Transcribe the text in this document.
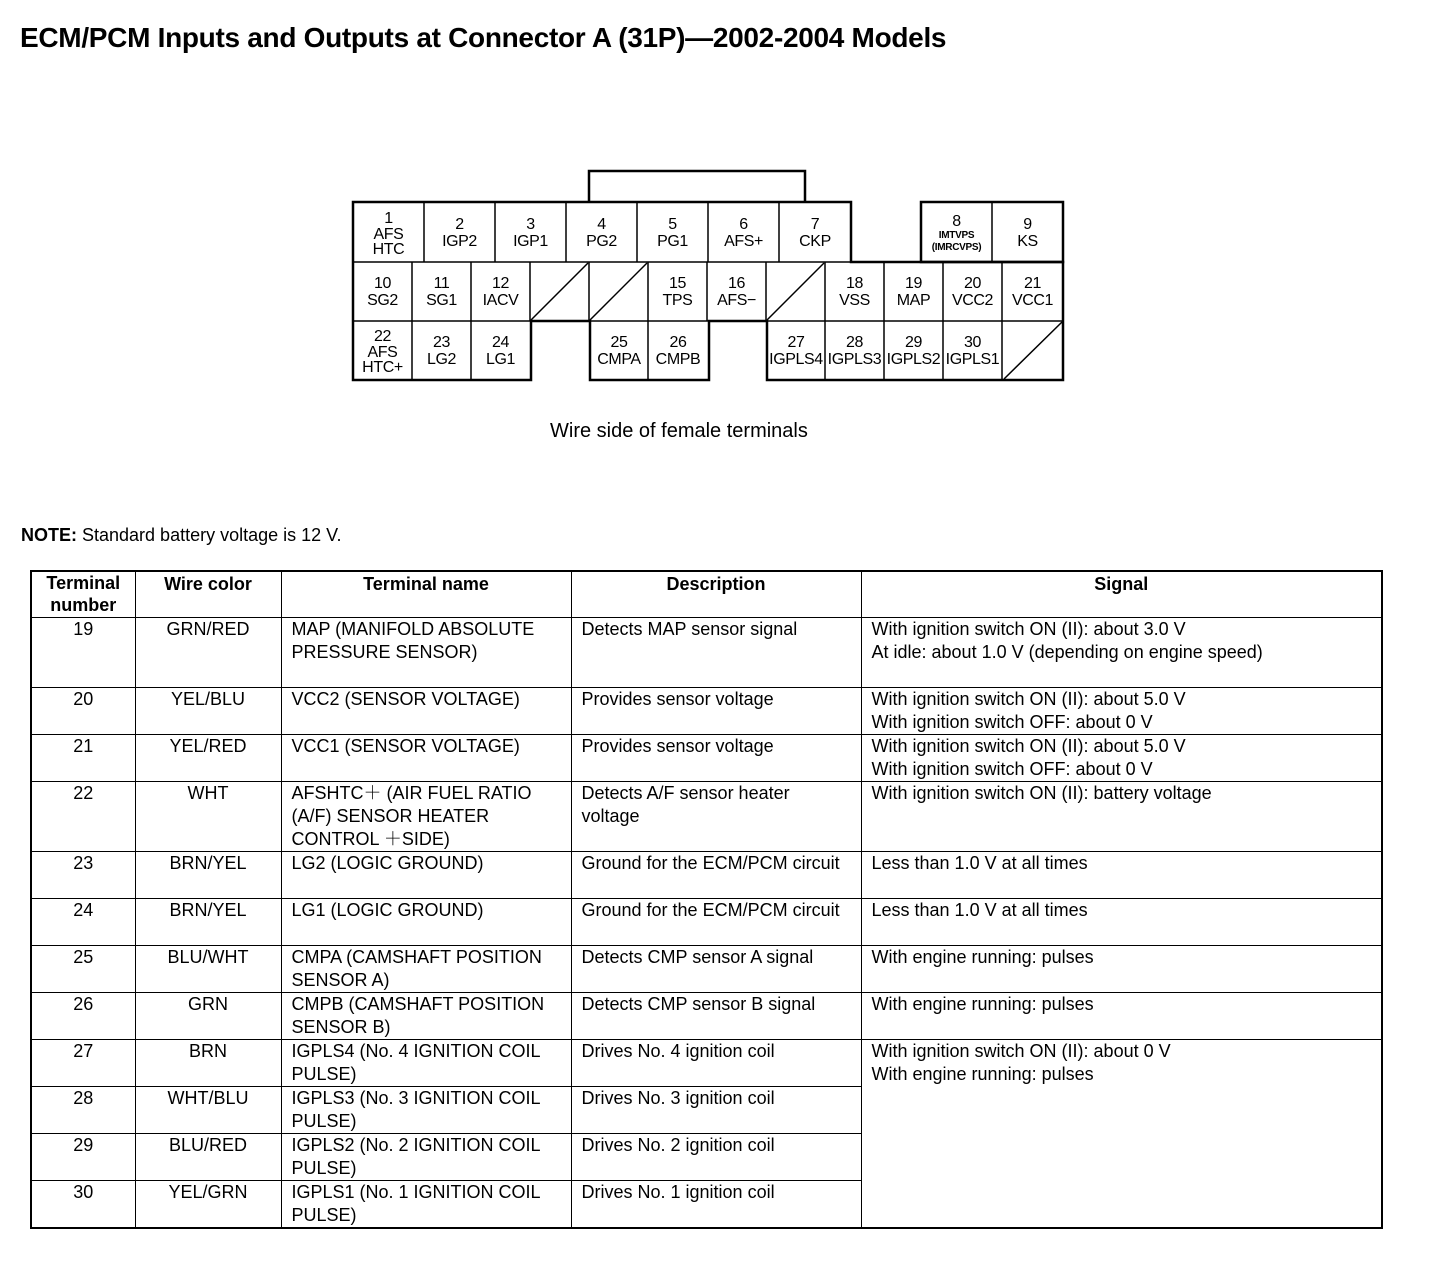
ECM/PCM Inputs and Outputs at Connector A (31P)—2002-2004 Models
1
AFS HTC
2
IGP2
3
IGP1
4
PG2
5
PG1
6
AFS+
7
CKP
8
IMTVPS (IMRCVPS)
9
KS
10
SG2
11
SG1
12
IACV
15
TPS
16
AFS−
18
VSS
19
MAP
20
VCC2
21
VCC1
22
AFS HTC+
23
LG2
24
LG1
25
CMPA
26
CMPB
27
IGPLS4
28
IGPLS3
29
IGPLS2
30
IGPLS1
Wire side of female terminals
NOTE: Standard battery voltage is 12 V.
Terminal number	Wire color	Terminal name	Description	Signal
19	GRN/RED	MAP (MANIFOLD ABSOLUTE PRESSURE SENSOR)	Detects MAP sensor signal	With ignition switch ON (II): about 3.0 V
At idle: about 1.0 V (depending on engine speed)

20	YEL/BLU	VCC2 (SENSOR VOLTAGE)	Provides sensor voltage	With ignition switch ON (II): about 5.0 V
With ignition switch OFF: about 0 V

21	YEL/RED	VCC1 (SENSOR VOLTAGE)	Provides sensor voltage	With ignition switch ON (II): about 5.0 V
With ignition switch OFF: about 0 V

22	WHT	AFSHTC＋ (AIR FUEL RATIO (A/F) SENSOR HEATER CONTROL ＋SIDE)	Detects A/F sensor heater voltage	With ignition switch ON (II): battery voltage

23	BRN/YEL	LG2 (LOGIC GROUND)	Ground for the ECM/PCM circuit	Less than 1.0 V at all times

24	BRN/YEL	LG1 (LOGIC GROUND)	Ground for the ECM/PCM circuit	Less than 1.0 V at all times

25	BLU/WHT	CMPA (CAMSHAFT POSITION SENSOR A)	Detects CMP sensor A signal	With engine running: pulses

26	GRN	CMPB (CAMSHAFT POSITION SENSOR B)	Detects CMP sensor B signal	With engine running: pulses

27	BRN	IGPLS4 (No. 4 IGNITION COIL PULSE)	Drives No. 4 ignition coil	With ignition switch ON (II): about 0 V
With engine running: pulses

28	WHT/BLU	IGPLS3 (No. 3 IGNITION COIL PULSE)	Drives No. 3 ignition coil	
29	BLU/RED	IGPLS2 (No. 2 IGNITION COIL PULSE)	Drives No. 2 ignition coil	
30	YEL/GRN	IGPLS1 (No. 1 IGNITION COIL PULSE)	Drives No. 1 ignition coil	
